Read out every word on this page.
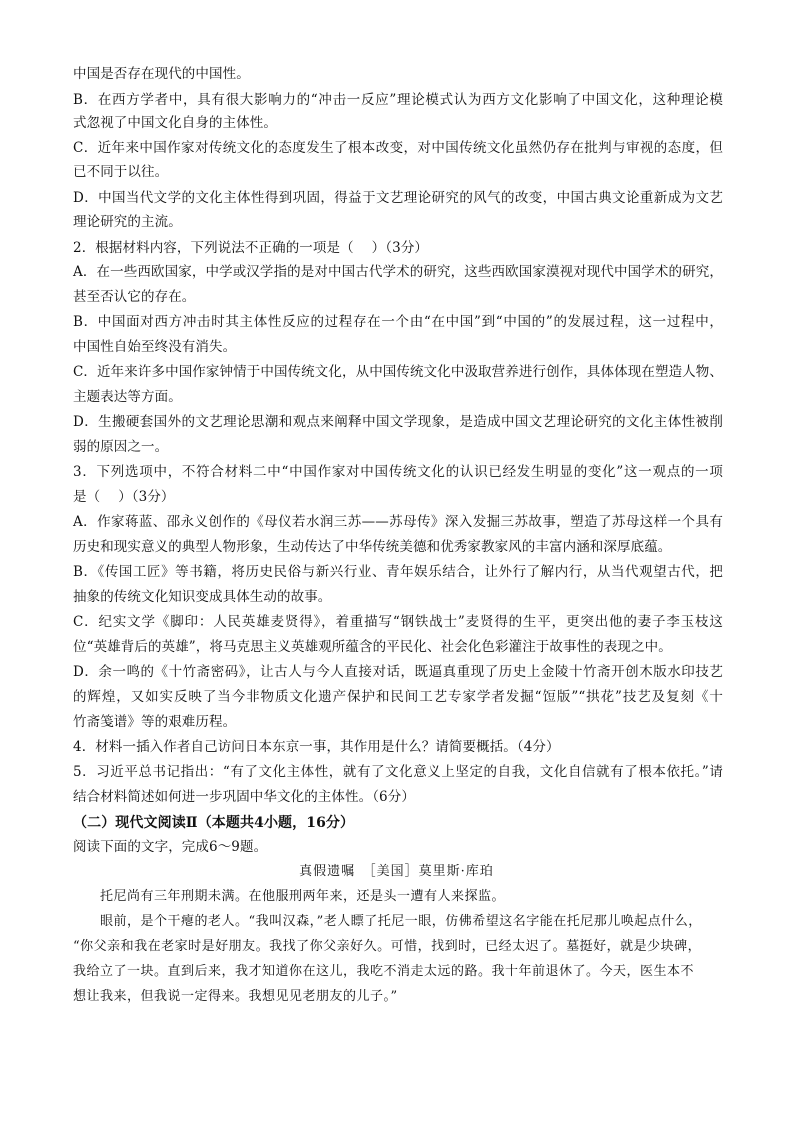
中国是否存在现代的中国性。
B．在西方学者中，具有很大影响力的“冲击一反应”理论模式认为西方文化影响了中国文化，这种理论模
式忽视了中国文化自身的主体性。
C．近年来中国作家对传统文化的态度发生了根本改变，对中国传统文化虽然仍存在批判与审视的态度，但
已不同于以往。
D．中国当代文学的文化主体性得到巩固，得益于文艺理论研究的风气的改变，中国古典文论重新成为文艺
理论研究的主流。
2．根据材料内容，下列说法不正确的一项是（　 ）（3分）
A．在一些西欧国家，中学或汉学指的是对中国古代学术的研究，这些西欧国家漠视对现代中国学术的研究，
甚至否认它的存在。
B．中国面对西方冲击时其主体性反应的过程存在一个由“在中国”到“中国的”的发展过程，这一过程中，
中国性自始至终没有消失。
C．近年来许多中国作家钟情于中国传统文化，从中国传统文化中汲取营养进行创作，具体体现在塑造人物、
主题表达等方面。
D．生搬硬套国外的文艺理论思潮和观点来阐释中国文学现象，是造成中国文艺理论研究的文化主体性被削
弱的原因之一。
3．下列选项中，不符合材料二中“中国作家对中国传统文化的认识已经发生明显的变化”这一观点的一项
是（　 ）（3分）
A．作家蒋蓝、邵永义创作的《母仪若水润三苏——苏母传》深入发掘三苏故事，塑造了苏母这样一个具有
历史和现实意义的典型人物形象，生动传达了中华传统美德和优秀家教家风的丰富内涵和深厚底蕴。
B．《传国工匠》等书籍，将历史民俗与新兴行业、青年娱乐结合，让外行了解内行，从当代观望古代，把
抽象的传统文化知识变成具体生动的故事。
C．纪实文学《脚印：人民英雄麦贤得》，着重描写“钢铁战士”麦贤得的生平，更突出他的妻子李玉枝这
位“英雄背后的英雄”，将马克思主义英雄观所蕴含的平民化、社会化色彩灌注于故事性的表现之中。
D．余一鸣的《十竹斋密码》，让古人与今人直接对话，既逼真重现了历史上金陵十竹斋开创木版水印技艺
的辉煌，又如实反映了当今非物质文化遗产保护和民间工艺专家学者发掘“饾版”“拱花”技艺及复刻《十
竹斋笺谱》等的艰难历程。
4．材料一插入作者自己访问日本东京一事，其作用是什么？请简要概括。（4分）
5．习近平总书记指出：“有了文化主体性，就有了文化意义上坚定的自我，文化自信就有了根本依托。”请
结合材料简述如何进一步巩固中华文化的主体性。（6分）
（二）现代文阅读Ⅱ（本题共4小题，16分）
阅读下面的文字，完成6～9题。
真假遗嘱　［美国］莫里斯·库珀
　　托尼尚有三年刑期未满。在他服刑两年来，还是头一遭有人来探监。
　　眼前，是个干瘪的老人。“我叫汉森，”老人瞟了托尼一眼，仿佛希望这名字能在托尼那儿唤起点什么，
“你父亲和我在老家时是好朋友。我找了你父亲好久。可惜，找到时，已经太迟了。墓挺好，就是少块碑，
我给立了一块。直到后来，我才知道你在这儿，我吃不消走太远的路。我十年前退休了。今天，医生本不
想让我来，但我说一定得来。我想见见老朋友的儿子。”
